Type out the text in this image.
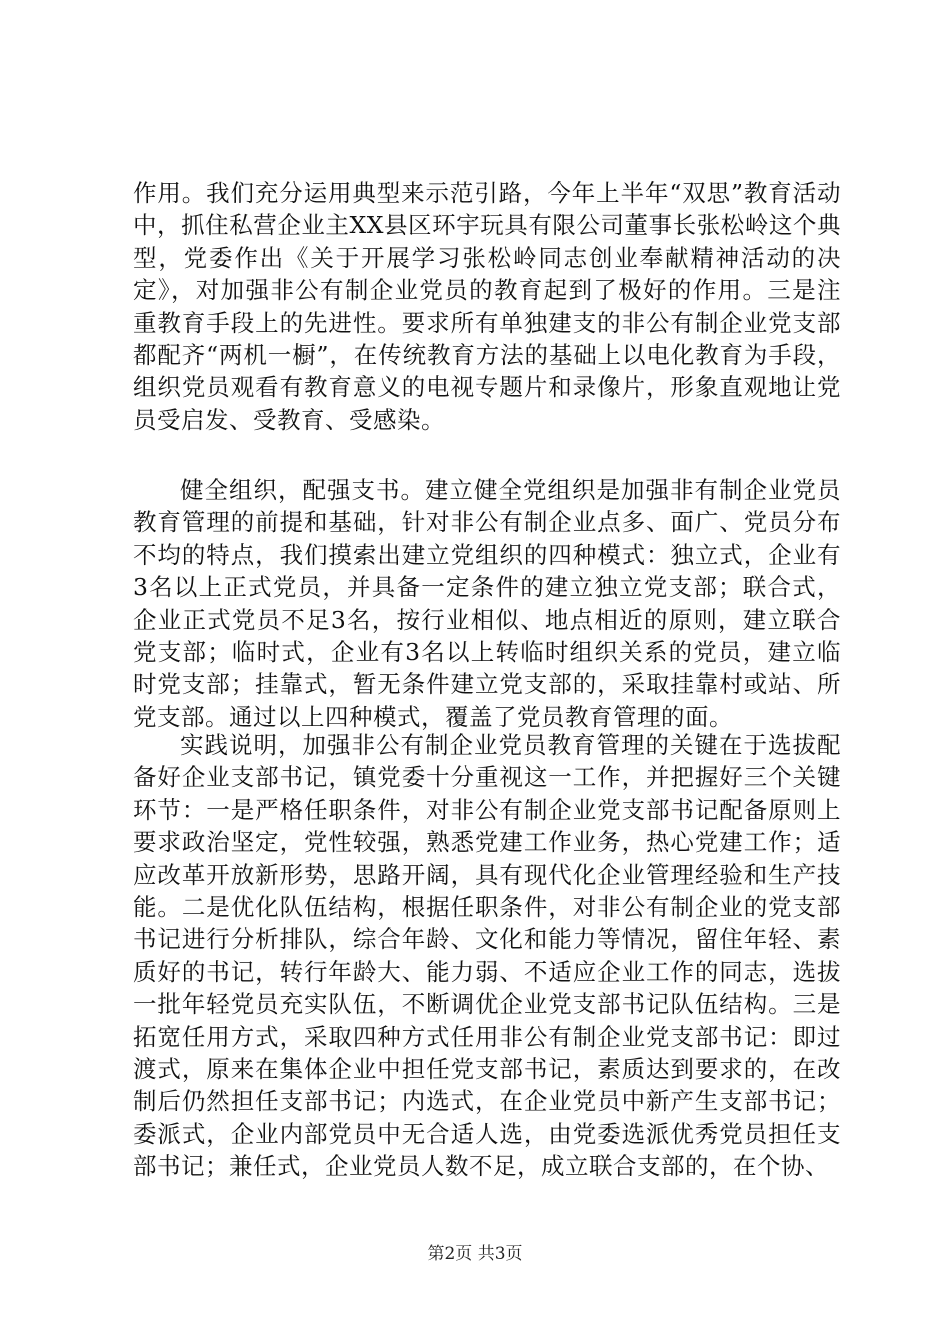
作用。我们充分运用典型来示范引路，今年上半年“双思”教育活动中，抓住私营企业主XX县区环宇玩具有限公司董事长张松岭这个典型，党委作出《关于开展学习张松岭同志创业奉献精神活动的决定》，对加强非公有制企业党员的教育起到了极好的作用。三是注重教育手段上的先进性。要求所有单独建支的非公有制企业党支部都配齐“两机一橱”，在传统教育方法的基础上以电化教育为手段，组织党员观看有教育意义的电视专题片和录像片，形象直观地让党员受启发、受教育、受感染。

健全组织，配强支书。建立健全党组织是加强非有制企业党员教育管理的前提和基础，针对非公有制企业点多、面广、党员分布不均的特点，我们摸索出建立党组织的四种模式：独立式，企业有3名以上正式党员，并具备一定条件的建立独立党支部；联合式，企业正式党员不足3名，按行业相似、地点相近的原则，建立联合党支部；临时式，企业有3名以上转临时组织关系的党员，建立临时党支部；挂靠式，暂无条件建立党支部的，采取挂靠村或站、所党支部。通过以上四种模式，覆盖了党员教育管理的面。

实践说明，加强非公有制企业党员教育管理的关键在于选拔配备好企业支部书记，镇党委十分重视这一工作，并把握好三个关键环节：一是严格任职条件，对非公有制企业党支部书记配备原则上要求政治坚定，党性较强，熟悉党建工作业务，热心党建工作；适应改革开放新形势，思路开阔，具有现代化企业管理经验和生产技能。二是优化队伍结构，根据任职条件，对非公有制企业的党支部书记进行分析排队，综合年龄、文化和能力等情况，留住年轻、素质好的书记，转行年龄大、能力弱、不适应企业工作的同志，选拔一批年轻党员充实队伍，不断调优企业党支部书记队伍结构。三是拓宽任用方式，采取四种方式任用非公有制企业党支部书记：即过渡式，原来在集体企业中担任党支部书记，素质达到要求的，在改制后仍然担任支部书记；内选式，在企业党员中新产生支部书记；委派式，企业内部党员中无合适人选，由党委选派优秀党员担任支部书记；兼任式，企业党员人数不足，成立联合支部的，在个协、

第2页 共3页
